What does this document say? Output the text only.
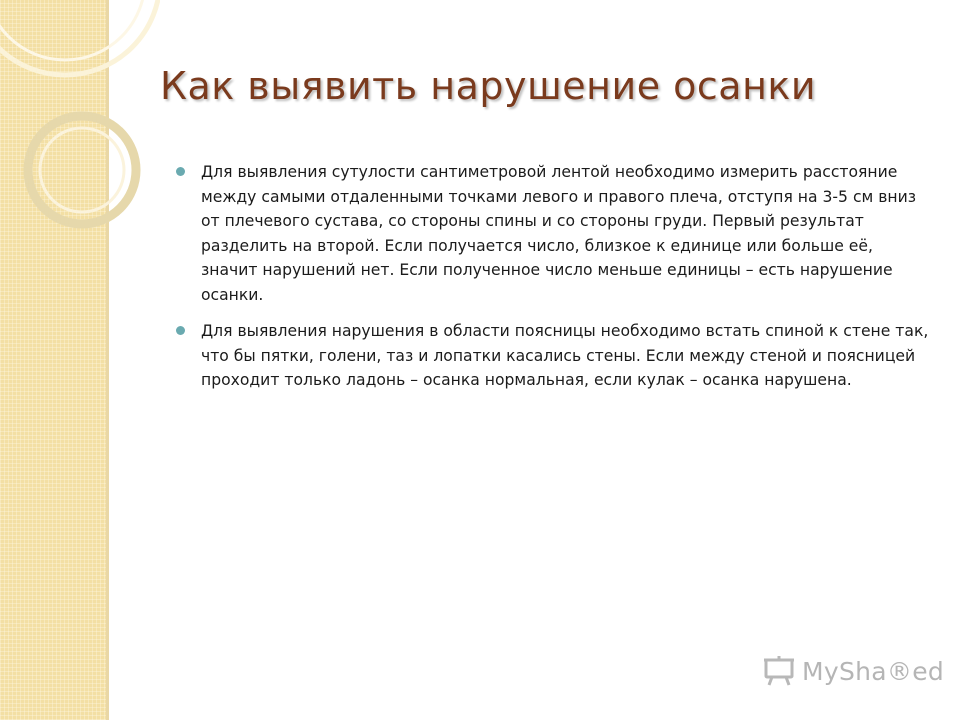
Как выявить нарушение осанки
Для выявления сутулости сантиметровой лентой необходимо измерить расстояние между самыми отдаленными точками левого и правого плеча, отступя на 3-5 см вниз от плечевого сустава, со стороны спины и со стороны груди. Первый результат разделить на второй. Если получается число, близкое к единице или больше её, значит нарушений нет. Если полученное число меньше единицы – есть нарушение осанки.
Для выявления нарушения в области поясницы необходимо встать спиной к стене так, что бы пятки, голени, таз и лопатки касались стены. Если между стеной и поясницей проходит только ладонь – осанка нормальная, если кулак – осанка нарушена.
MySha®ed
